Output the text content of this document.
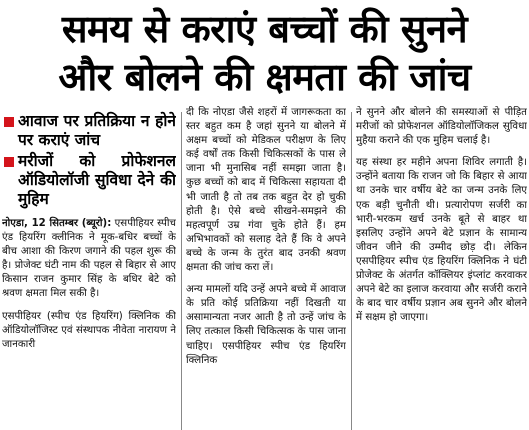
समय से कराएं बच्चों की सुनने
और बोलने की क्षमता की जांच
आवाज पर प्रतिक्रिया न होने पर कराएं जांच
मरीजों को प्रोफेशनल ऑडियोलॉजी सुविधा देने की मुहिम

नोएडा, 12 सितम्बर (ब्यूरो): एसपीहियर स्पीच एंड हियरिंग क्लीनिक ने मूक-बधिर बच्चों के बीच आशा की किरण जगाने की पहल शुरू की है। प्रोजेक्ट घंटी नाम की पहल से बिहार से आए किसान राजन कुमार सिंह के बधिर बेटे को श्रवण क्षमता मिल सकी है।

एसपीहियर (स्पीच एंड हियरिंग) क्लिनिक की ऑडियोलॉजिस्ट एवं संस्थापक नीवेता नारायण ने जानकारी

दी कि नोएडा जैसे शहरों में जागरूकता का स्तर बहुत कम है जहां सुनने या बोलने में अक्षम बच्चों को मेडिकल परीक्षण के लिए कई वर्षों तक किसी चिकित्सकों के पास ले जाना भी मुनासिब नहीं समझा जाता है। कुछ बच्चों को बाद में चिकित्सा सहायता दी भी जाती है तो तब तक बहुत देर हो चुकी होती है। ऐसे बच्चे सीखने-समझने की महत्वपूर्ण उम्र गंवा चुके होते हैं। हम अभिभावकों को सलाह देते हैं कि वे अपने बच्चे के जन्म के तुरंत बाद उनकी श्रवण क्षमता की जांच करा लें।

अन्य मामलों यदि उन्हें अपने बच्चे में आवाज के प्रति कोई प्रतिक्रिया नहीं दिखती या असामान्यता नजर आती है तो उन्हें जांच के लिए तत्काल किसी चिकित्सक के पास जाना चाहिए। एसपीहियर स्पीच एंड हियरिंग क्लिनिक

ने सुनने और बोलने की समस्याओं से पीड़ित मरीजों को प्रोफेशनल ऑडियोलॉजिकल सुविधा मुहैया कराने की एक मुहिम चलाई है।

यह संस्था हर महीने अपना शिविर लगाती है। उन्होंने बताया कि राजन जो कि बिहार से आया था उनके चार वर्षीय बेटे का जन्म उनके लिए एक बड़ी चुनौती थी। प्रत्यारोपण सर्जरी का भारी-भरकम खर्च उनके बूते से बाहर था इसलिए उन्होंने अपने बेटे प्रज्ञान के सामान्य जीवन जीने की उम्मीद छोड़ दी। लेकिन एसपीहियर स्पीच एंड हियरिंग क्लिनिक ने घंटी प्रोजेक्ट के अंतर्गत कॉक्लियर इंप्लांट करवाकर अपने बेटे का इलाज करवाया और सर्जरी कराने के बाद चार वर्षीय प्रज्ञान अब सुनने और बोलने में सक्षम हो जाएगा।
